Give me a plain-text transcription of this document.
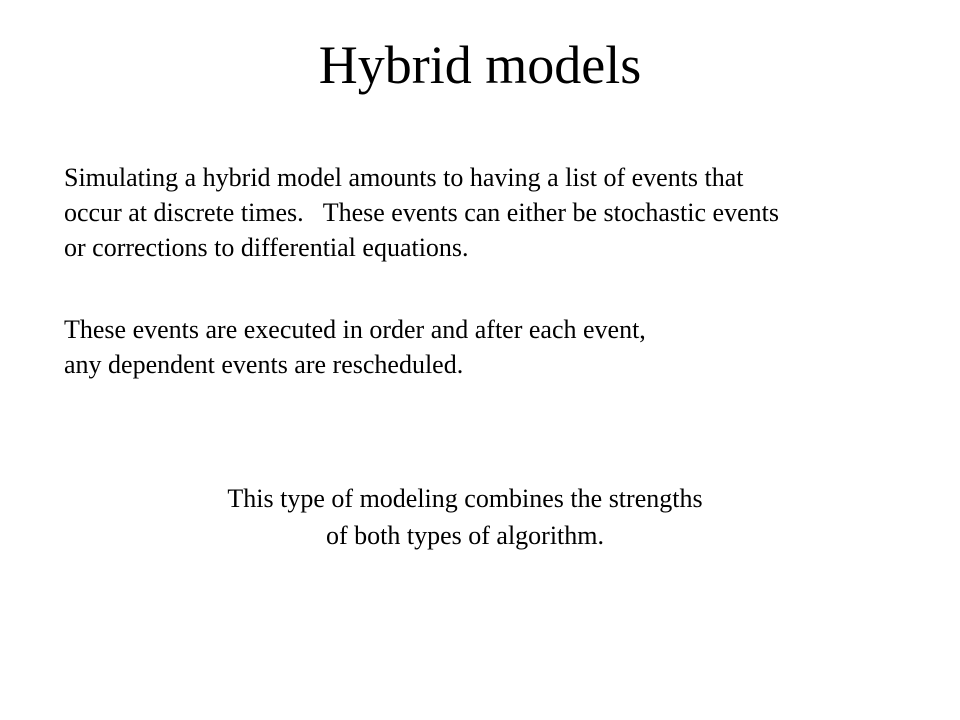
Hybrid models

Simulating a hybrid model amounts to having a list of events that
occur at discrete times.   These events can either be stochastic events
or corrections to differential equations.

These events are executed in order and after each event,
any dependent events are rescheduled.

This type of modeling combines the strengths
of both types of algorithm.
